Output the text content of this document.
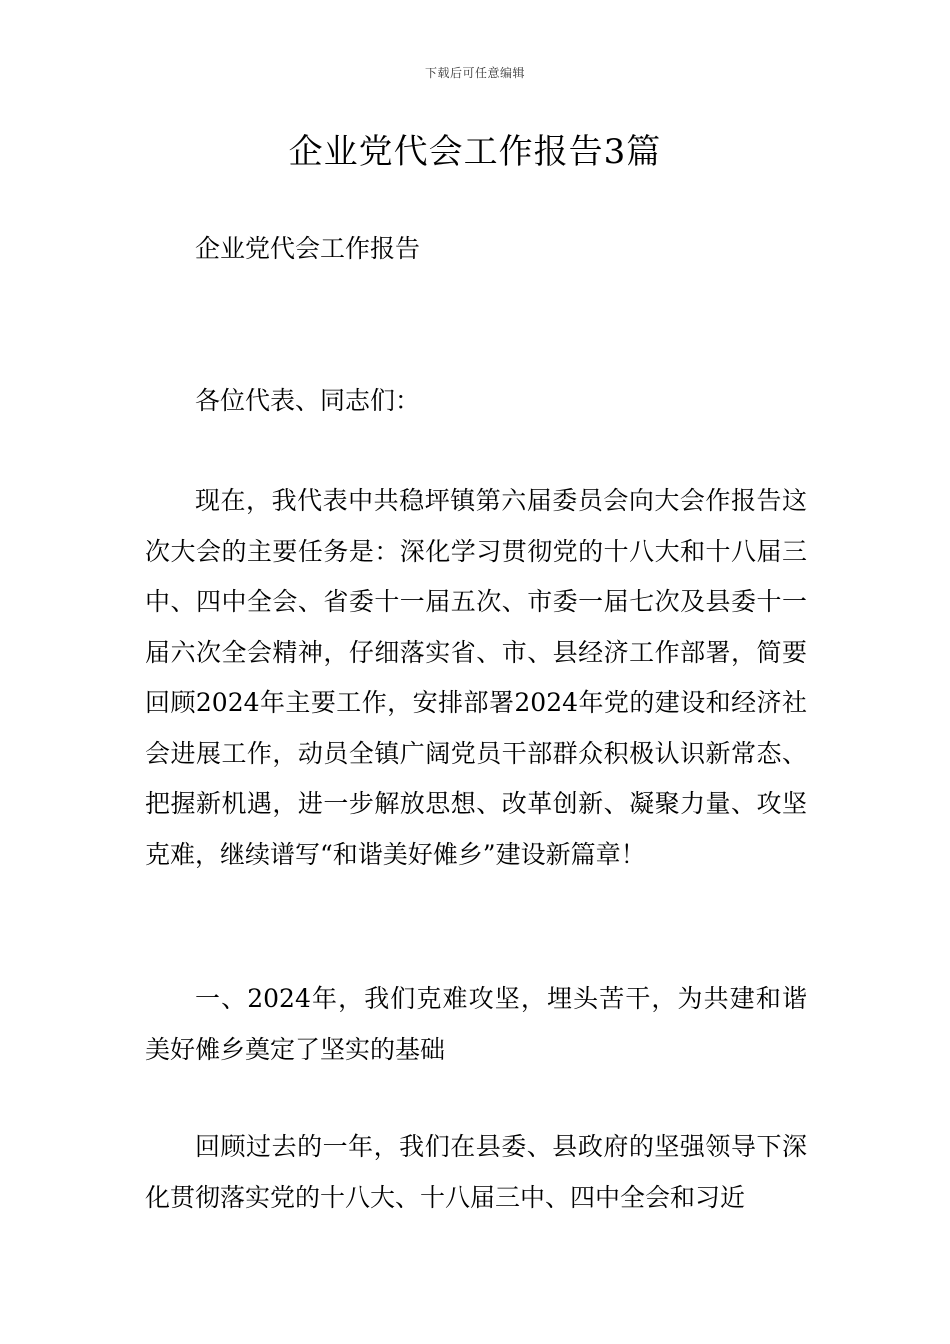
下载后可任意编辑
企业党代会工作报告3篇
企业党代会工作报告
各位代表、同志们：
现在，我代表中共稳坪镇第六届委员会向大会作报告这次大会的主要任务是：深化学习贯彻党的十八大和十八届三中、四中全会、省委十一届五次、市委一届七次及县委十一届六次全会精神，仔细落实省、市、县经济工作部署，简要回顾2024年主要工作，安排部署2024年党的建设和经济社会进展工作，动员全镇广阔党员干部群众积极认识新常态、把握新机遇，进一步解放思想、改革创新、凝聚力量、攻坚克难，继续谱写“和谐美好傩乡”建设新篇章！
一、2024年，我们克难攻坚，埋头苦干，为共建和谐美好傩乡奠定了坚实的基础
回顾过去的一年，我们在县委、县政府的坚强领导下深化贯彻落实党的十八大、十八届三中、四中全会和习近
